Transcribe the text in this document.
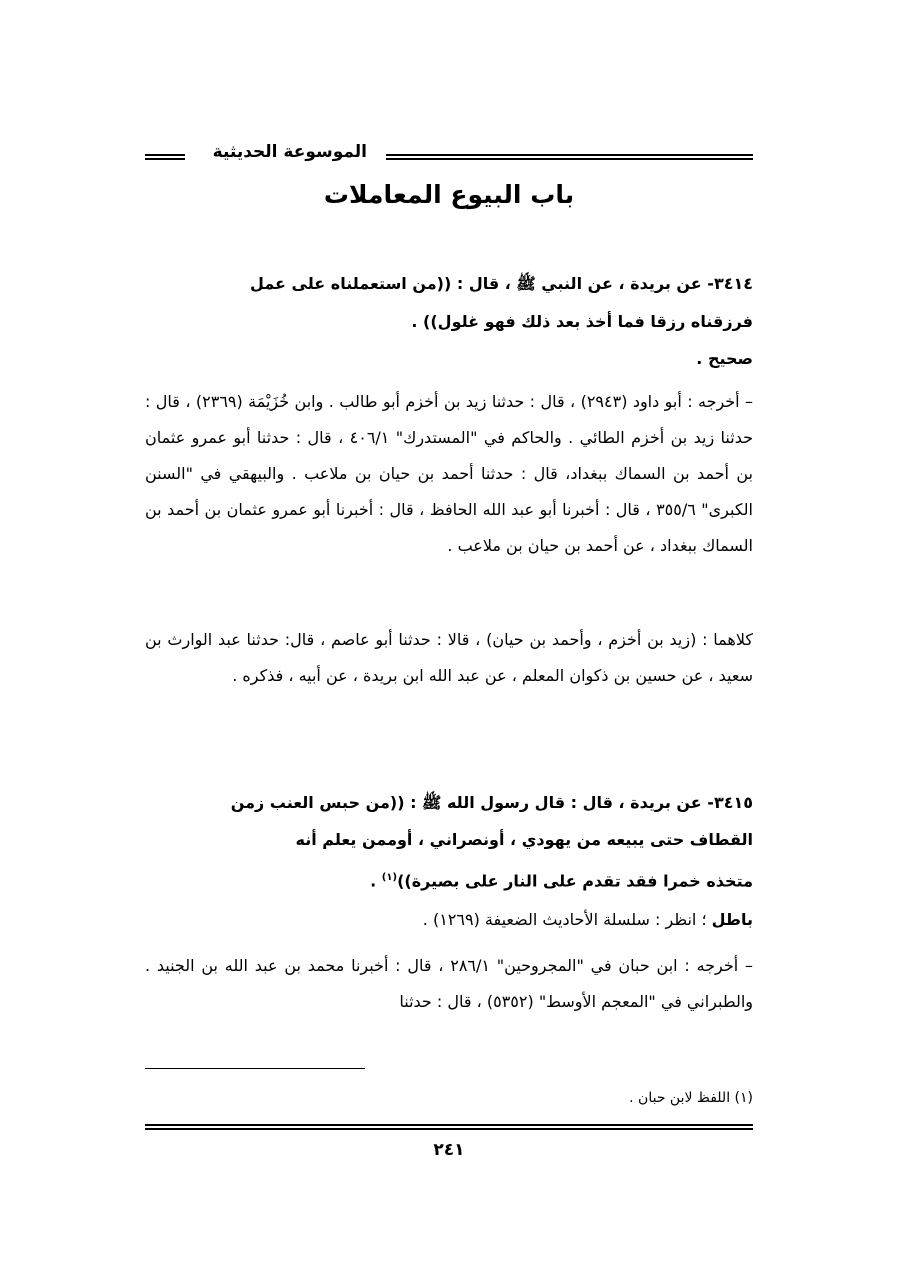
الموسوعة الحديثية
باب البيوع المعاملات
٣٤١٤- عن بريدة ، عن النبي ﷺ ، قال : ((من استعملناه على عمل
فرزقناه رزقا فما أخذ بعد ذلك فهو غلول)) .
صحيح .
– أخرجه : أبو داود (٢٩٤٣) ، قال : حدثنا زيد بن أخزم أبو طالب . وابن خُزَيْمَة (٢٣٦٩) ، قال : حدثنا زيد بن أخزم الطائي . والحاكم في "المستدرك" ٤٠٦/١ ، قال : حدثنا أبو عمرو عثمان بن أحمد بن السماك ببغداد، قال : حدثنا أحمد بن حيان بن ملاعب . والبيهقي في "السنن الكبرى" ٣٥٥/٦ ، قال : أخبرنا أبو عبد الله الحافظ ، قال : أخبرنا أبو عمرو عثمان بن أحمد بن السماك ببغداد ، عن أحمد بن حيان بن ملاعب .
كلاهما : (زيد بن أخزم ، وأحمد بن حيان) ، قالا : حدثنا أبو عاصم ، قال: حدثنا عبد الوارث بن سعيد ، عن حسين بن ذكوان المعلم ، عن عبد الله ابن بريدة ، عن أبيه ، فذكره .
٣٤١٥- عن بريدة ، قال : قال رسول الله ﷺ : ((من حبس العنب زمن
القطاف حتى يبيعه من يهودي ، أونصراني ، أوممن يعلم أنه
متخذه خمرا فقد تقدم على النار على بصيرة))$^{(١)}$ .
باطل ؛ انظر : سلسلة الأحاديث الضعيفة (١٢٦٩) .
– أخرجه : ابن حبان في "المجروحين" ٢٨٦/١ ، قال : أخبرنا محمد بن عبد الله بن الجنيد . والطبراني في "المعجم الأوسط" (٥٣٥٢) ، قال : حدثنا
(١) اللفظ لابن حبان .
٢٤١
